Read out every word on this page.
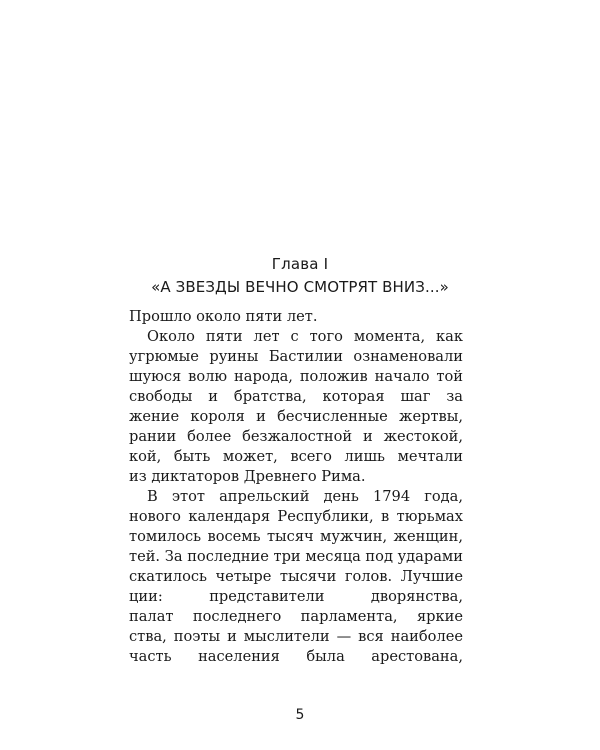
Глава I
«А ЗВЕЗДЫ ВЕЧНО СМОТРЯТ ВНИЗ...»
Прошло около пяти лет.
Около пяти лет с того момента, как
угрюмые руины Бастилии ознаменовали
шуюся волю народа, положив начало той
свободы и братства, которая шаг за
жение короля и бесчисленные жертвы,
рании более безжалостной и жестокой,
кой, быть может, всего лишь мечтали
из диктаторов Древнего Рима.
В этот апрельский день 1794 года,
нового календаря Республики, в тюрьмах
томилось восемь тысяч мужчин, женщин,
тей. За последние три месяца под ударами
скатилось четыре тысячи голов. Лучшие
ции: представители дворянства,
палат последнего парламента, яркие
ства, поэты и мыслители — вся наиболее
часть населения была арестована,
5
